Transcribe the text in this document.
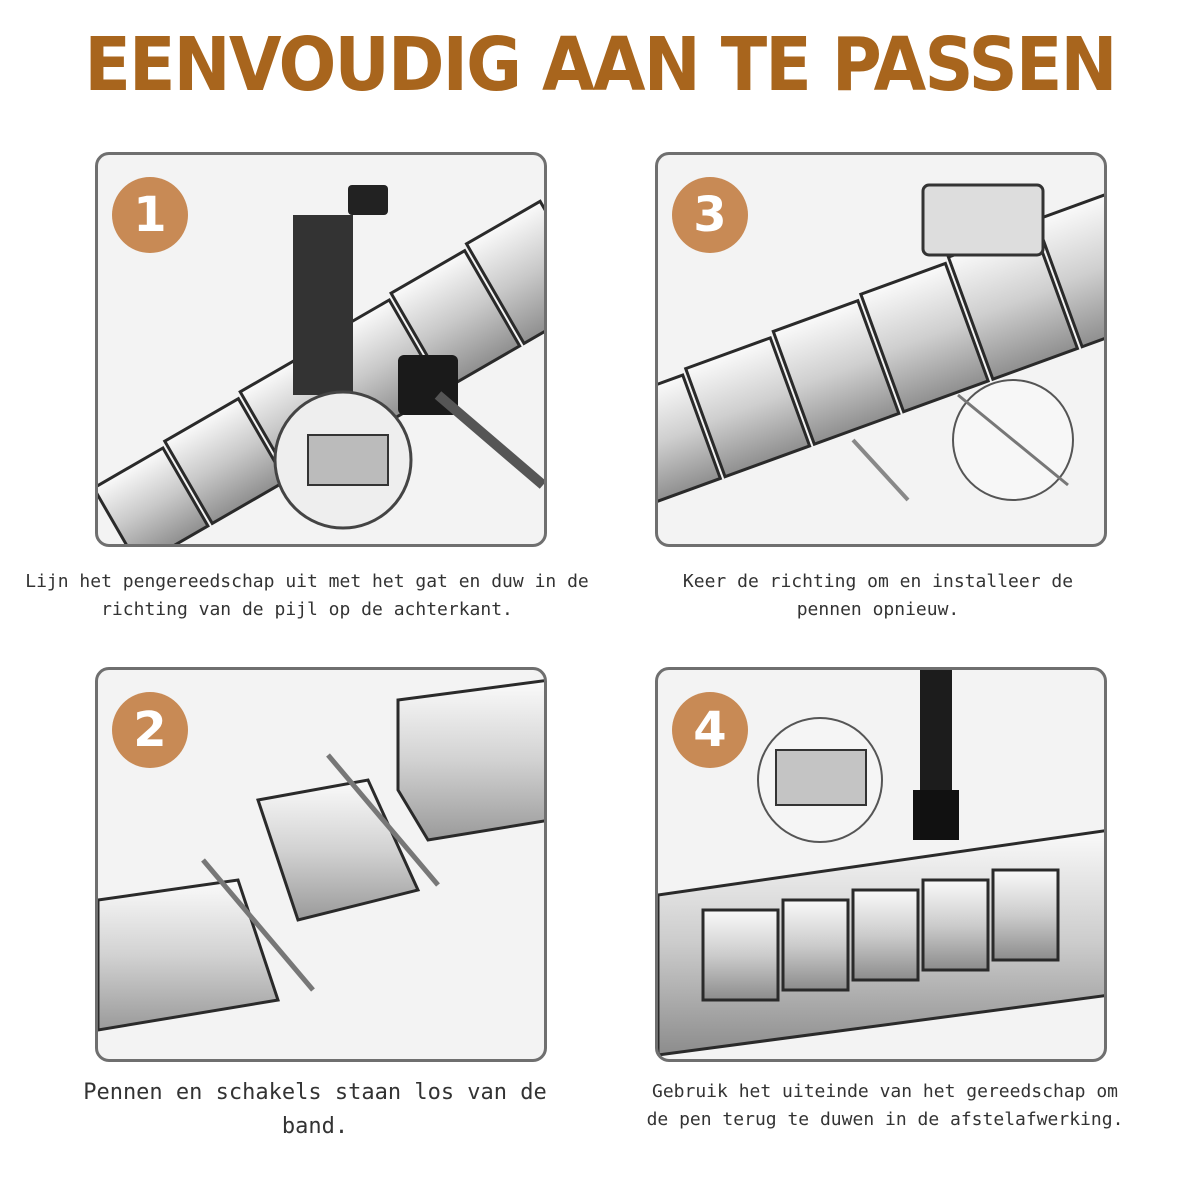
EENVOUDIG AAN TE PASSEN
1
Lijn het pengereedschap uit met het gat en duw in de richting van de pijl op de achterkant.
3
Keer de richting om en installeer de pennen opnieuw.
2
Pennen en schakels staan los van de band.
4
Gebruik het uiteinde van het gereedschap om de pen terug te duwen in de afstelafwerking.
